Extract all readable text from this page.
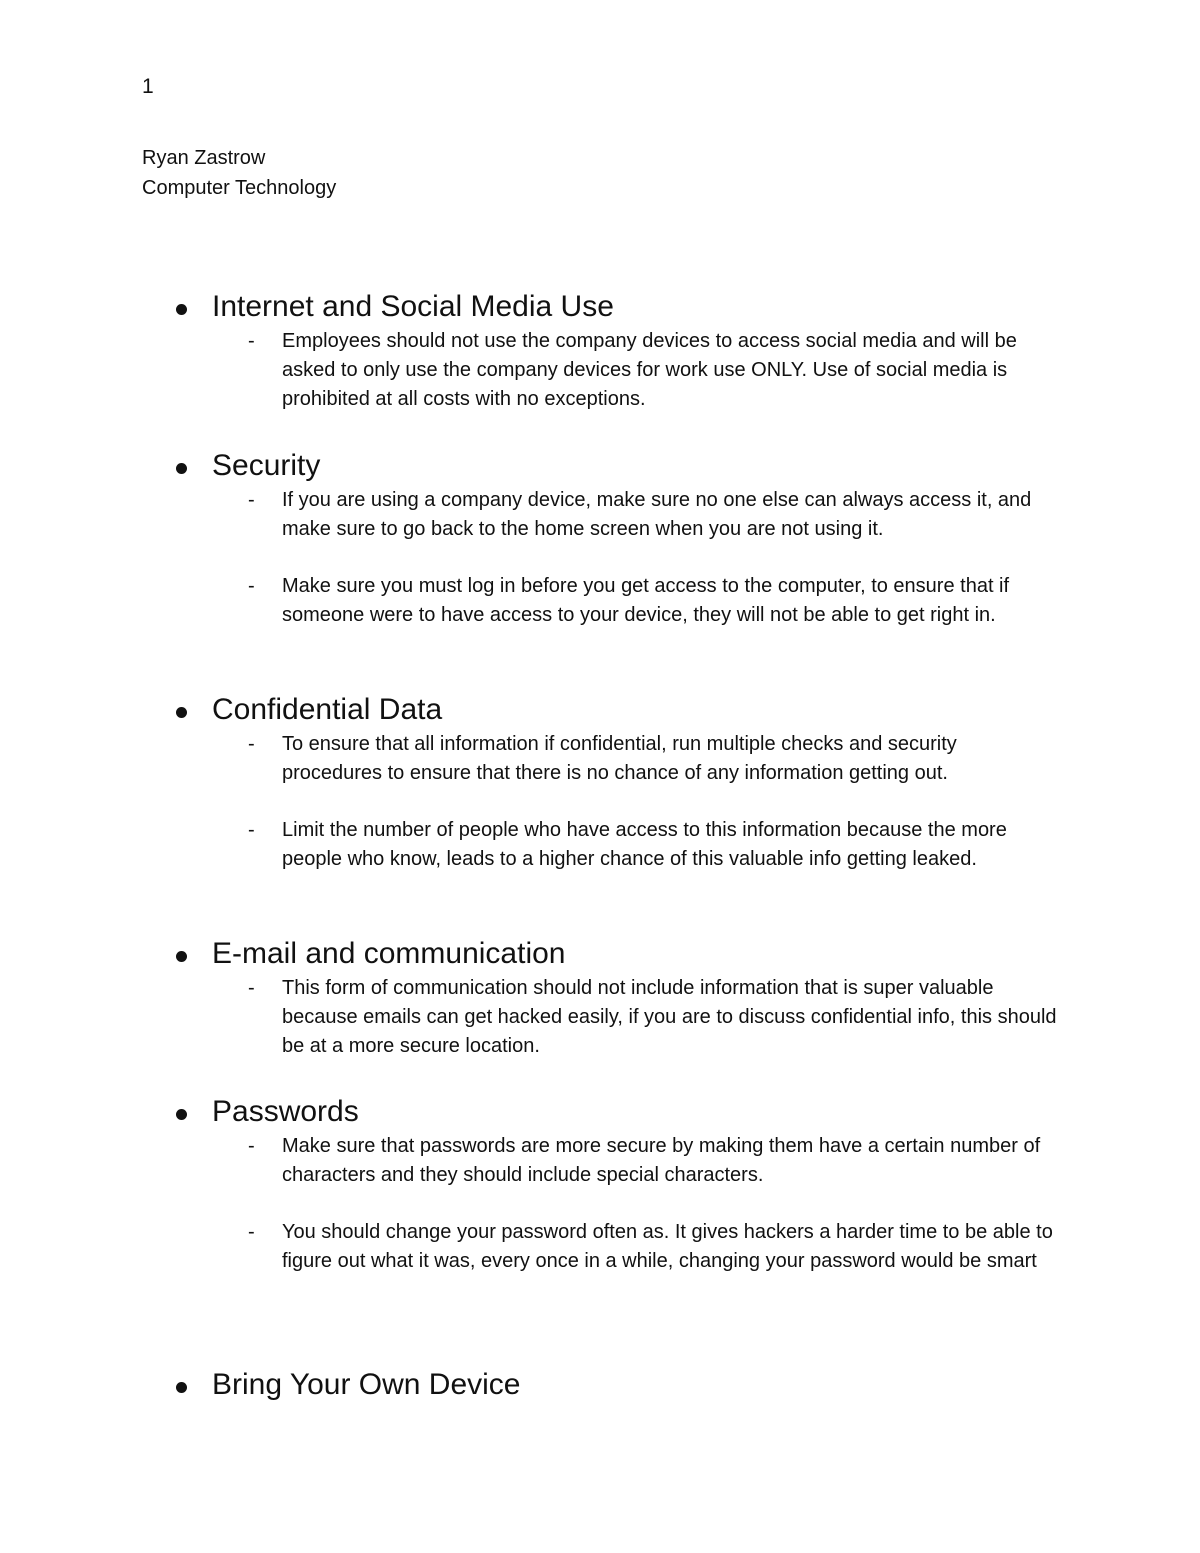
1
Ryan Zastrow
Computer Technology
Internet and Social Media Use
- Employees should not use the company devices to access social media and will be asked to only use the company devices for work use ONLY. Use of social media is prohibited at all costs with no exceptions.
Security
- If you are using a company device, make sure no one else can always access it, and make sure to go back to the home screen when you are not using it.
- Make sure you must log in before you get access to the computer, to ensure that if someone were to have access to your device, they will not be able to get right in.
Confidential Data
- To ensure that all information if confidential, run multiple checks and security procedures to ensure that there is no chance of any information getting out.
- Limit the number of people who have access to this information because the more people who know, leads to a higher chance of this valuable info getting leaked.
E-mail and communication
- This form of communication should not include information that is super valuable because emails can get hacked easily, if you are to discuss confidential info, this should be at a more secure location.
Passwords
- Make sure that passwords are more secure by making them have a certain number of characters and they should include special characters.
- You should change your password often as. It gives hackers a harder time to be able to figure out what it was, every once in a while, changing your password would be smart
Bring Your Own Device
